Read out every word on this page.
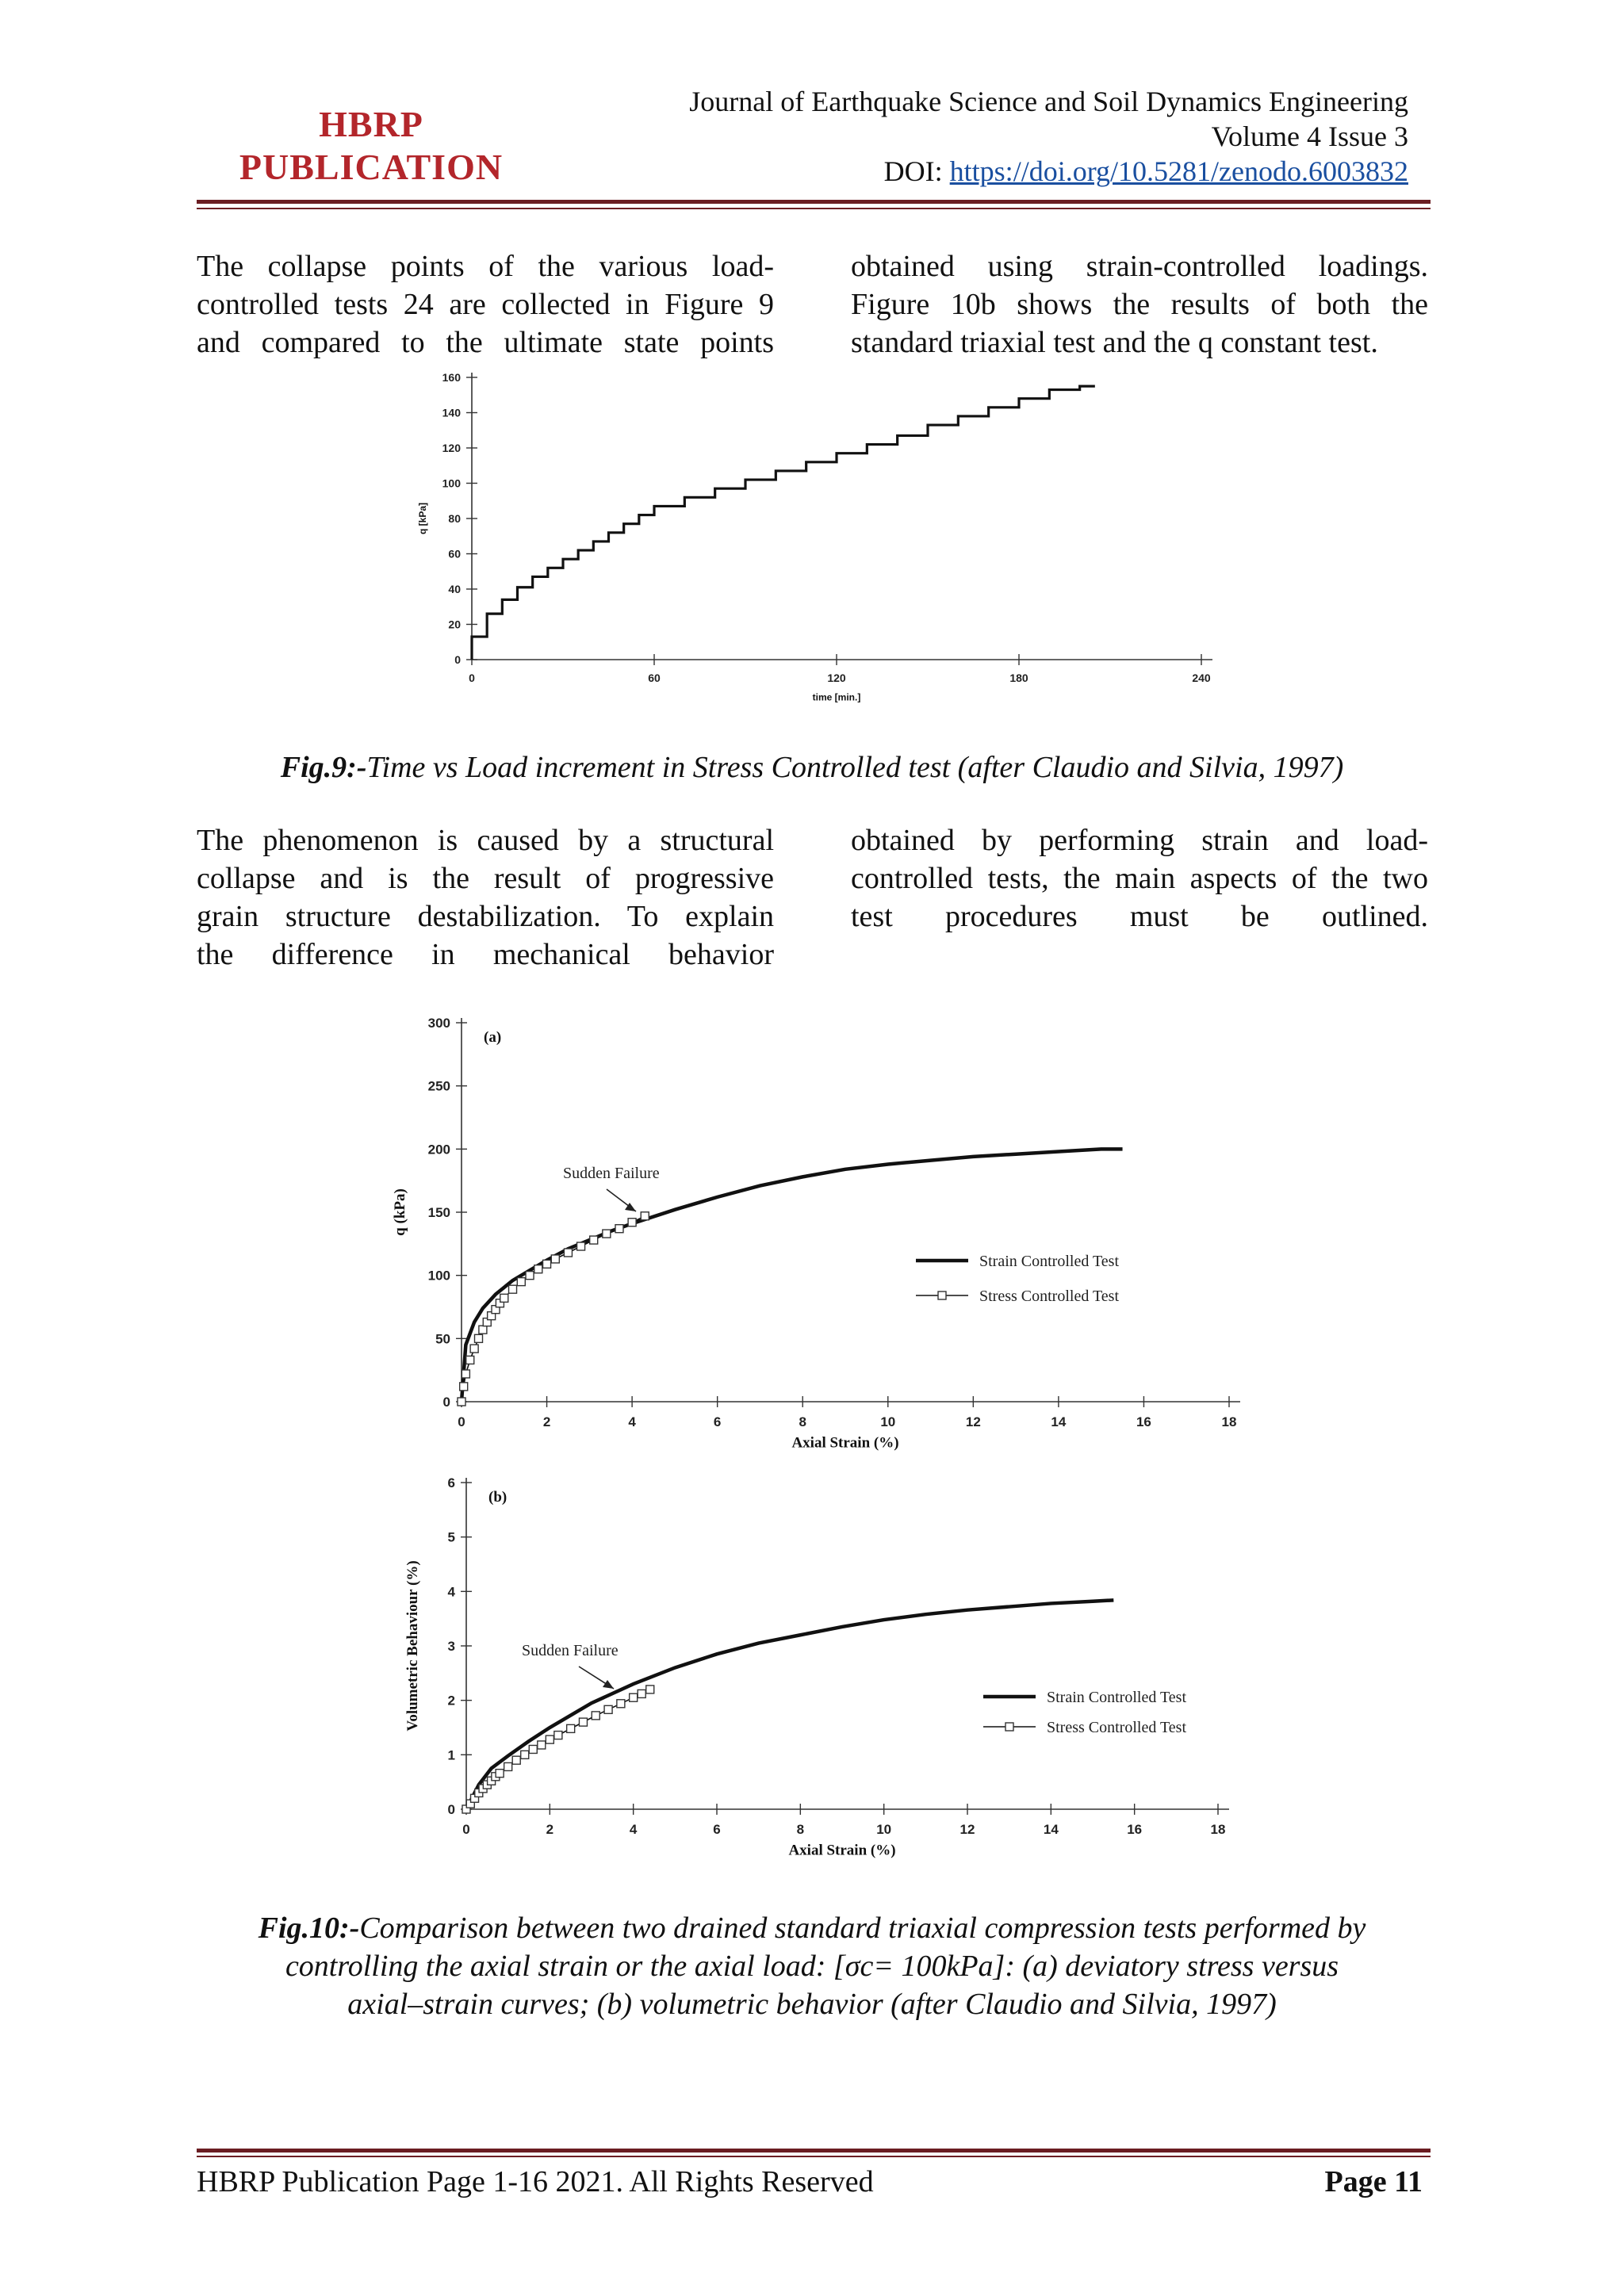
HBRP
PUBLICATION
Journal of Earthquake Science and Soil Dynamics Engineering
Volume 4 Issue 3
DOI: https://doi.org/10.5281/zenodo.6003832
The collapse points of the various load-
controlled tests 24 are collected in Figure 9
and compared to the ultimate state points
obtained using strain-controlled loadings.
Figure 10b shows the results of both the
standard triaxial test and the q constant test.
0
20
40
60
80
100
120
140
160
0	60	120	180	240
time [min.]
q [kPa]
Fig.9:-Time vs Load increment in Stress Controlled test (after Claudio and Silvia, 1997)
The phenomenon is caused by a structural
collapse and is the result of progressive
grain structure destabilization. To explain
the difference in mechanical behavior
obtained by performing strain and load-
controlled tests, the main aspects of the two
test procedures must be outlined.
0
50
100
150
200
250
300
0	2	4	6	8	10	12	14	16	18
Axial Strain (%)
q (kPa)
(a)
Sudden Failure
Strain Controlled Test
Stress Controlled Test
0
1
2
3
4
5
6
0	2	4	6	8	10	12	14	16	18
Axial Strain (%)
Volumetric Behaviour (%)
(b)
Sudden Failure
Strain Controlled Test
Stress Controlled Test
Fig.10:-Comparison between two drained standard triaxial compression tests performed by
controlling the axial strain or the axial load: [σc= 100kPa]: (a) deviatory stress versus
axial–strain curves; (b) volumetric behavior (after Claudio and Silvia, 1997)
HBRP Publication Page 1-16 2021. All Rights Reserved	Page 11
